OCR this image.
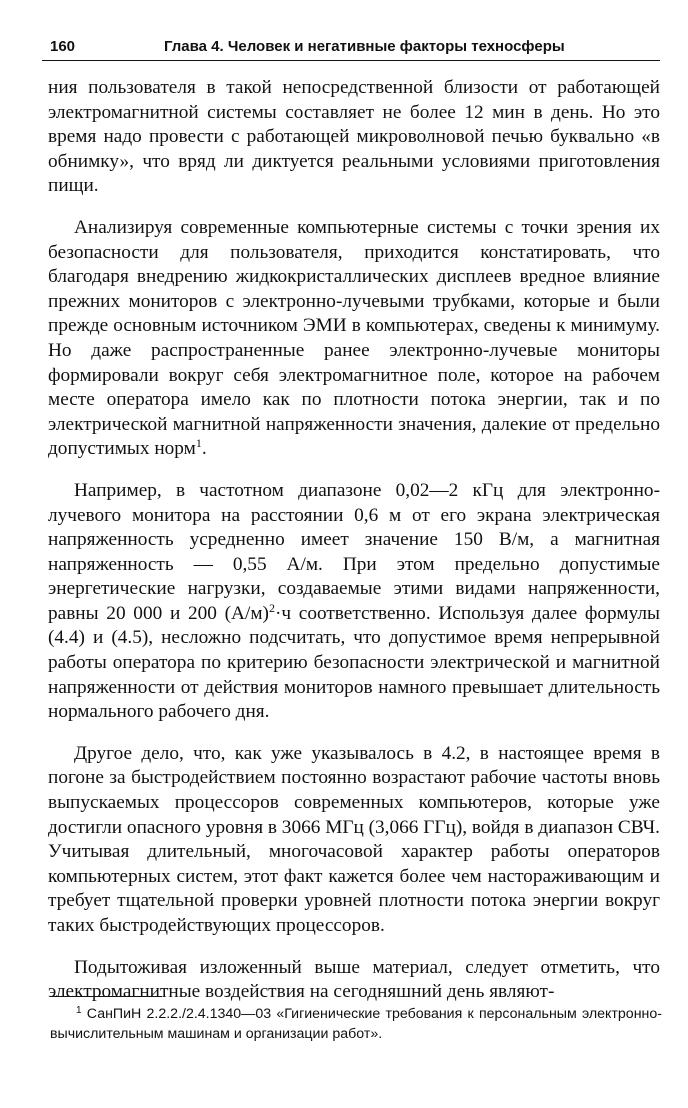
160	Глава 4. Человек и негативные факторы техносферы

ния пользователя в такой непосредственной близости от работающей электромагнитной системы составляет не более 12 мин в день. Но это время надо провести с работающей микроволновой печью буквально «в обнимку», что вряд ли диктуется реальными условиями приготовления пищи.

Анализируя современные компьютерные системы с точки зрения их безопасности для пользователя, приходится констатировать, что благодаря внедрению жидкокристаллических дисплеев вредное влияние прежних мониторов с электронно-лучевыми трубками, которые и были прежде основным источником ЭМИ в компьютерах, сведены к минимуму. Но даже распространенные ранее электронно-лучевые мониторы формировали вокруг себя электромагнитное поле, которое на рабочем месте оператора имело как по плотности потока энергии, так и по электрической магнитной напряженности значения, далекие от предельно допустимых норм$^1$.

Например, в частотном диапазоне 0,02—2 кГц для электронно-лучевого монитора на расстоянии 0,6 м от его экрана электрическая напряженность усредненно имеет значение 150 В/м, а магнитная напряженность — 0,55 А/м. При этом предельно допустимые энергетические нагрузки, создаваемые этими видами напряженности, равны 20 000 и 200 $(А/м)^2\cdot ч$ соответственно. Используя далее формулы (4.4) и (4.5), несложно подсчитать, что допустимое время непрерывной работы оператора по критерию безопасности электрической и магнитной напряженности от действия мониторов намного превышает длительность нормального рабочего дня.

Другое дело, что, как уже указывалось в 4.2, в настоящее время в погоне за быстродействием постоянно возрастают рабочие частоты вновь выпускаемых процессоров современных компьютеров, которые уже достигли опасного уровня в 3066 МГц (3,066 ГГц), войдя в диапазон СВЧ. Учитывая длительный, многочасовой характер работы операторов компьютерных систем, этот факт кажется более чем настораживающим и требует тщательной проверки уровней плотности потока энергии вокруг таких быстродействующих процессоров.

Подытоживая изложенный выше материал, следует отметить, что электромагнитные воздействия на сегодняшний день являют-

$^1$ СанПиН 2.2.2./2.4.1340—03 «Гигиенические требования к персональным электронно-вычислительным машинам и организации работ».
